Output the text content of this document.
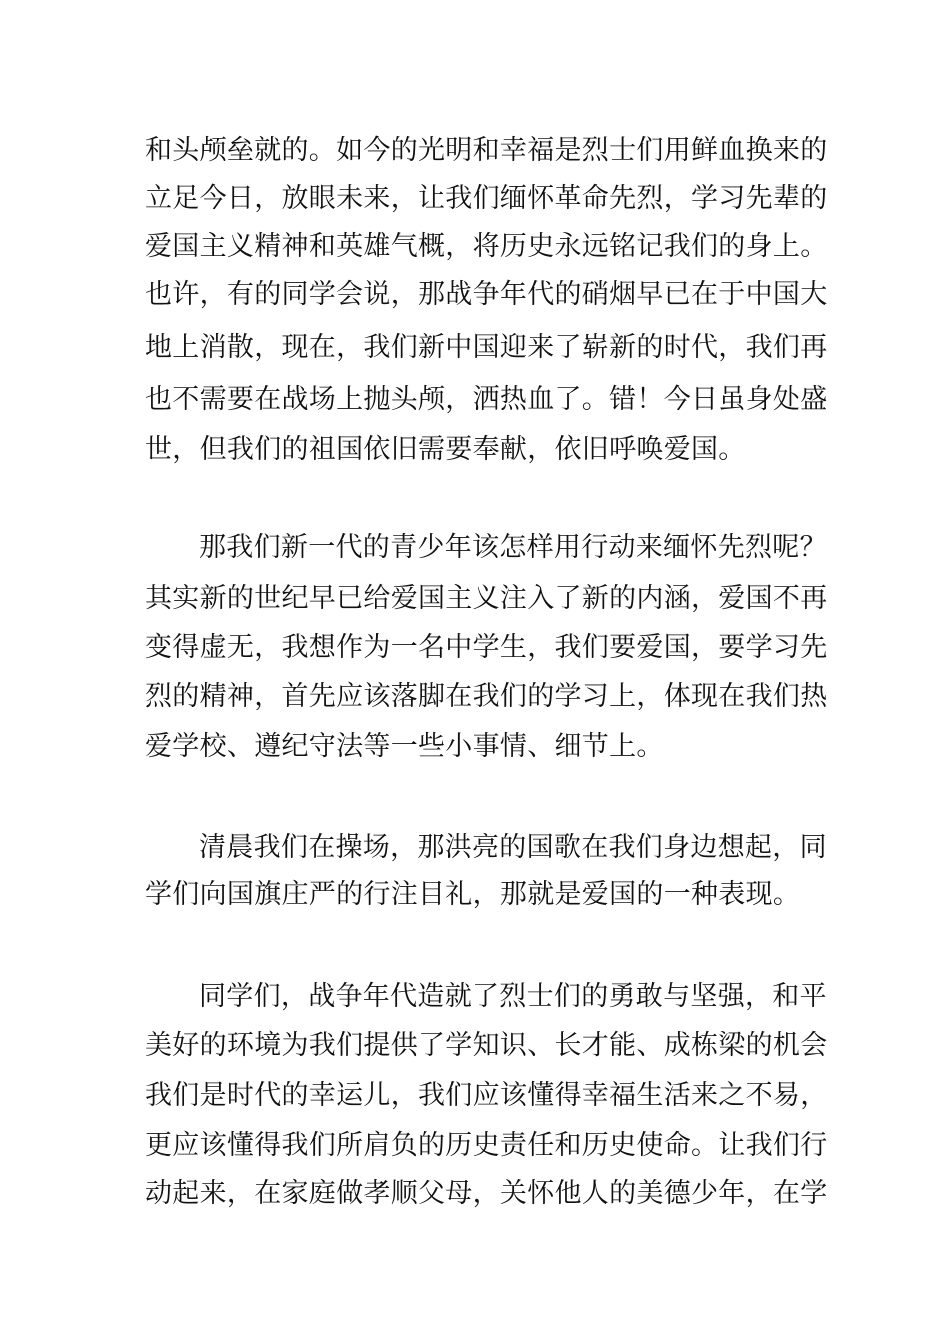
和头颅垒就的。如今的光明和幸福是烈士们用鲜血换来的
立足今日，放眼未来，让我们缅怀革命先烈，学习先辈的
爱国主义精神和英雄气概，将历史永远铭记我们的身上。
也许，有的同学会说，那战争年代的硝烟早已在于中国大
地上消散，现在，我们新中国迎来了崭新的时代，我们再
也不需要在战场上抛头颅，洒热血了。错！今日虽身处盛
世，但我们的祖国依旧需要奉献，依旧呼唤爱国。
那我们新一代的青少年该怎样用行动来缅怀先烈呢？
其实新的世纪早已给爱国主义注入了新的内涵，爱国不再
变得虚无，我想作为一名中学生，我们要爱国，要学习先
烈的精神，首先应该落脚在我们的学习上，体现在我们热
爱学校、遵纪守法等一些小事情、细节上。
清晨我们在操场，那洪亮的国歌在我们身边想起，同
学们向国旗庄严的行注目礼，那就是爱国的一种表现。
同学们，战争年代造就了烈士们的勇敢与坚强，和平
美好的环境为我们提供了学知识、长才能、成栋梁的机会
我们是时代的幸运儿，我们应该懂得幸福生活来之不易，
更应该懂得我们所肩负的历史责任和历史使命。让我们行
动起来，在家庭做孝顺父母，关怀他人的美德少年，在学
